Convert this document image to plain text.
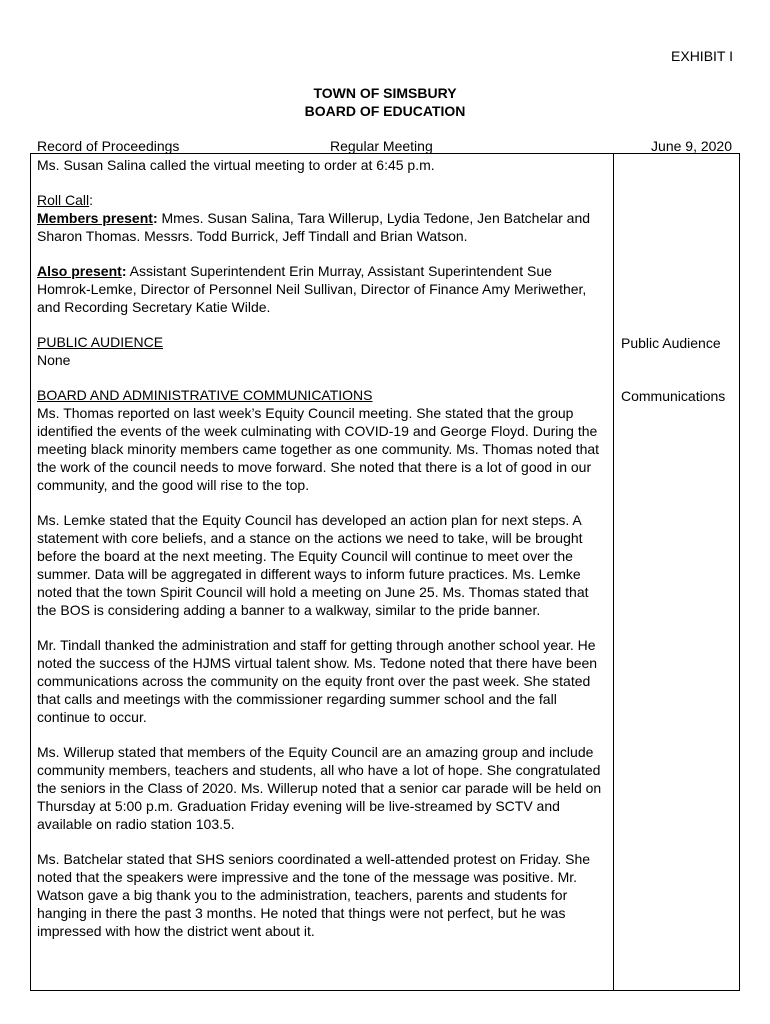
EXHIBIT I
TOWN OF SIMSBURY
BOARD OF EDUCATION
Record of Proceedings	Regular Meeting	June 9, 2020

Ms. Susan Salina called the virtual meeting to order at 6:45 p.m.

Roll Call:

Members present: Mmes. Susan Salina, Tara Willerup, Lydia Tedone, Jen Batchelar and Sharon Thomas. Messrs. Todd Burrick, Jeff Tindall and Brian Watson.

Also present: Assistant Superintendent Erin Murray, Assistant Superintendent Sue Homrok-Lemke, Director of Personnel Neil Sullivan, Director of Finance Amy Meriwether, and Recording Secretary Katie Wilde.

PUBLIC AUDIENCE

None

BOARD AND ADMINISTRATIVE COMMUNICATIONS

Ms. Thomas reported on last week’s Equity Council meeting. She stated that the group identified the events of the week culminating with COVID-19 and George Floyd. During the meeting black minority members came together as one community. Ms. Thomas noted that the work of the council needs to move forward. She noted that there is a lot of good in our community, and the good will rise to the top.

Ms. Lemke stated that the Equity Council has developed an action plan for next steps. A statement with core beliefs, and a stance on the actions we need to take, will be brought before the board at the next meeting. The Equity Council will continue to meet over the summer. Data will be aggregated in different ways to inform future practices. Ms. Lemke noted that the town Spirit Council will hold a meeting on June 25. Ms. Thomas stated that the BOS is considering adding a banner to a walkway, similar to the pride banner.

Mr. Tindall thanked the administration and staff for getting through another school year. He noted the success of the HJMS virtual talent show. Ms. Tedone noted that there have been communications across the community on the equity front over the past week. She stated that calls and meetings with the commissioner regarding summer school and the fall continue to occur.

Ms. Willerup stated that members of the Equity Council are an amazing group and include community members, teachers and students, all who have a lot of hope. She congratulated the seniors in the Class of 2020. Ms. Willerup noted that a senior car parade will be held on Thursday at 5:00 p.m. Graduation Friday evening will be live-streamed by SCTV and available on radio station 103.5.

Ms. Batchelar stated that SHS seniors coordinated a well-attended protest on Friday. She noted that the speakers were impressive and the tone of the message was positive. Mr. Watson gave a big thank you to the administration, teachers, parents and students for hanging in there the past 3 months. He noted that things were not perfect, but he was impressed with how the district went about it.

Public Audience
Communications
